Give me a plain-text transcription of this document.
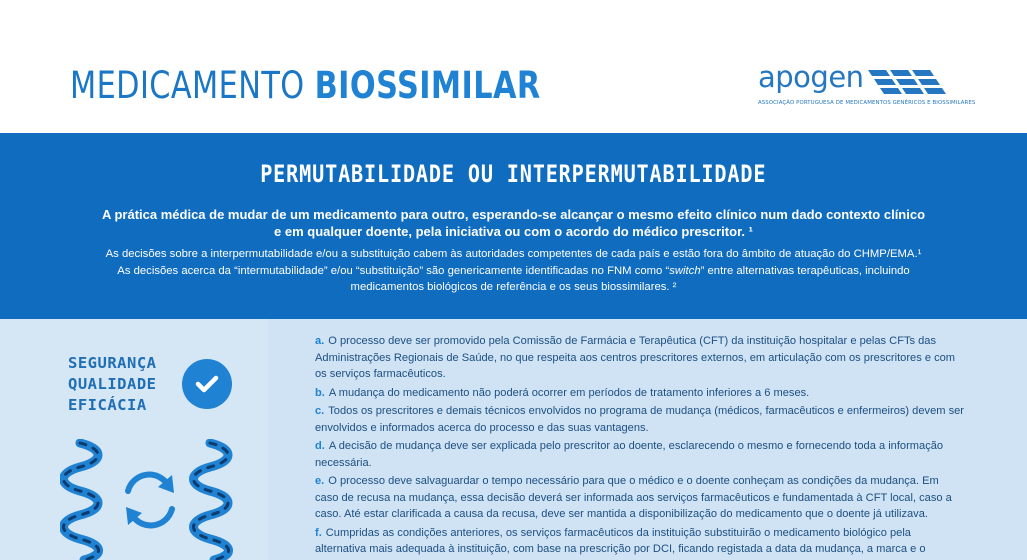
MEDICAMENTO BIOSSIMILAR	apogen
ASSOCIAÇÃO PORTUGUESA DE MEDICAMENTOS GENÉRICOS E BIOSSIMILARES
PERMUTABILIDADE OU INTERPERMUTABILIDADE
A prática médica de mudar de um medicamento para outro, esperando-se alcançar o mesmo efeito clínico num dado contexto clínico
e em qualquer doente, pela iniciativa ou com o acordo do médico prescritor. ¹
As decisões sobre a interpermutabilidade e/ou a substituição cabem às autoridades competentes de cada país e estão fora do âmbito de atuação do CHMP/EMA.¹
As decisões acerca da “intermutabilidade” e/ou “substituição” são genericamente identificadas no FNM como “switch” entre alternativas terapêuticas, incluindo
medicamentos biológicos de referência e os seus biossimilares. ²
SEGURANÇA
QUALIDADE
EFICÁCIA
a. O processo deve ser promovido pela Comissão de Farmácia e Terapêutica (CFT) da instituição hospitalar e pelas CFTs das Administrações Regionais de Saúde, no que respeita aos centros prescritores externos, em articulação com os prescritores e com os serviços farmacêuticos.
b. A mudança do medicamento não poderá ocorrer em períodos de tratamento inferiores a 6 meses.
c. Todos os prescritores e demais técnicos envolvidos no programa de mudança (médicos, farmacêuticos e enfermeiros) devem ser envolvidos e informados acerca do processo e das suas vantagens.
d. A decisão de mudança deve ser explicada pelo prescritor ao doente, esclarecendo o mesmo e fornecendo toda a informação necessária.
e. O processo deve salvaguardar o tempo necessário para que o médico e o doente conheçam as condições da mudança. Em caso de recusa na mudança, essa decisão deverá ser informada aos serviços farmacêuticos e fundamentada à CFT local, caso a caso. Até estar clarificada a causa da recusa, deve ser mantida a disponibilização do medicamento que o doente já utilizava.
f. Cumpridas as condições anteriores, os serviços farmacêuticos da instituição substituirão o medicamento biológico pela alternativa mais adequada à instituição, com base na prescrição por DCI, ficando registada a data da mudança, a marca e o
